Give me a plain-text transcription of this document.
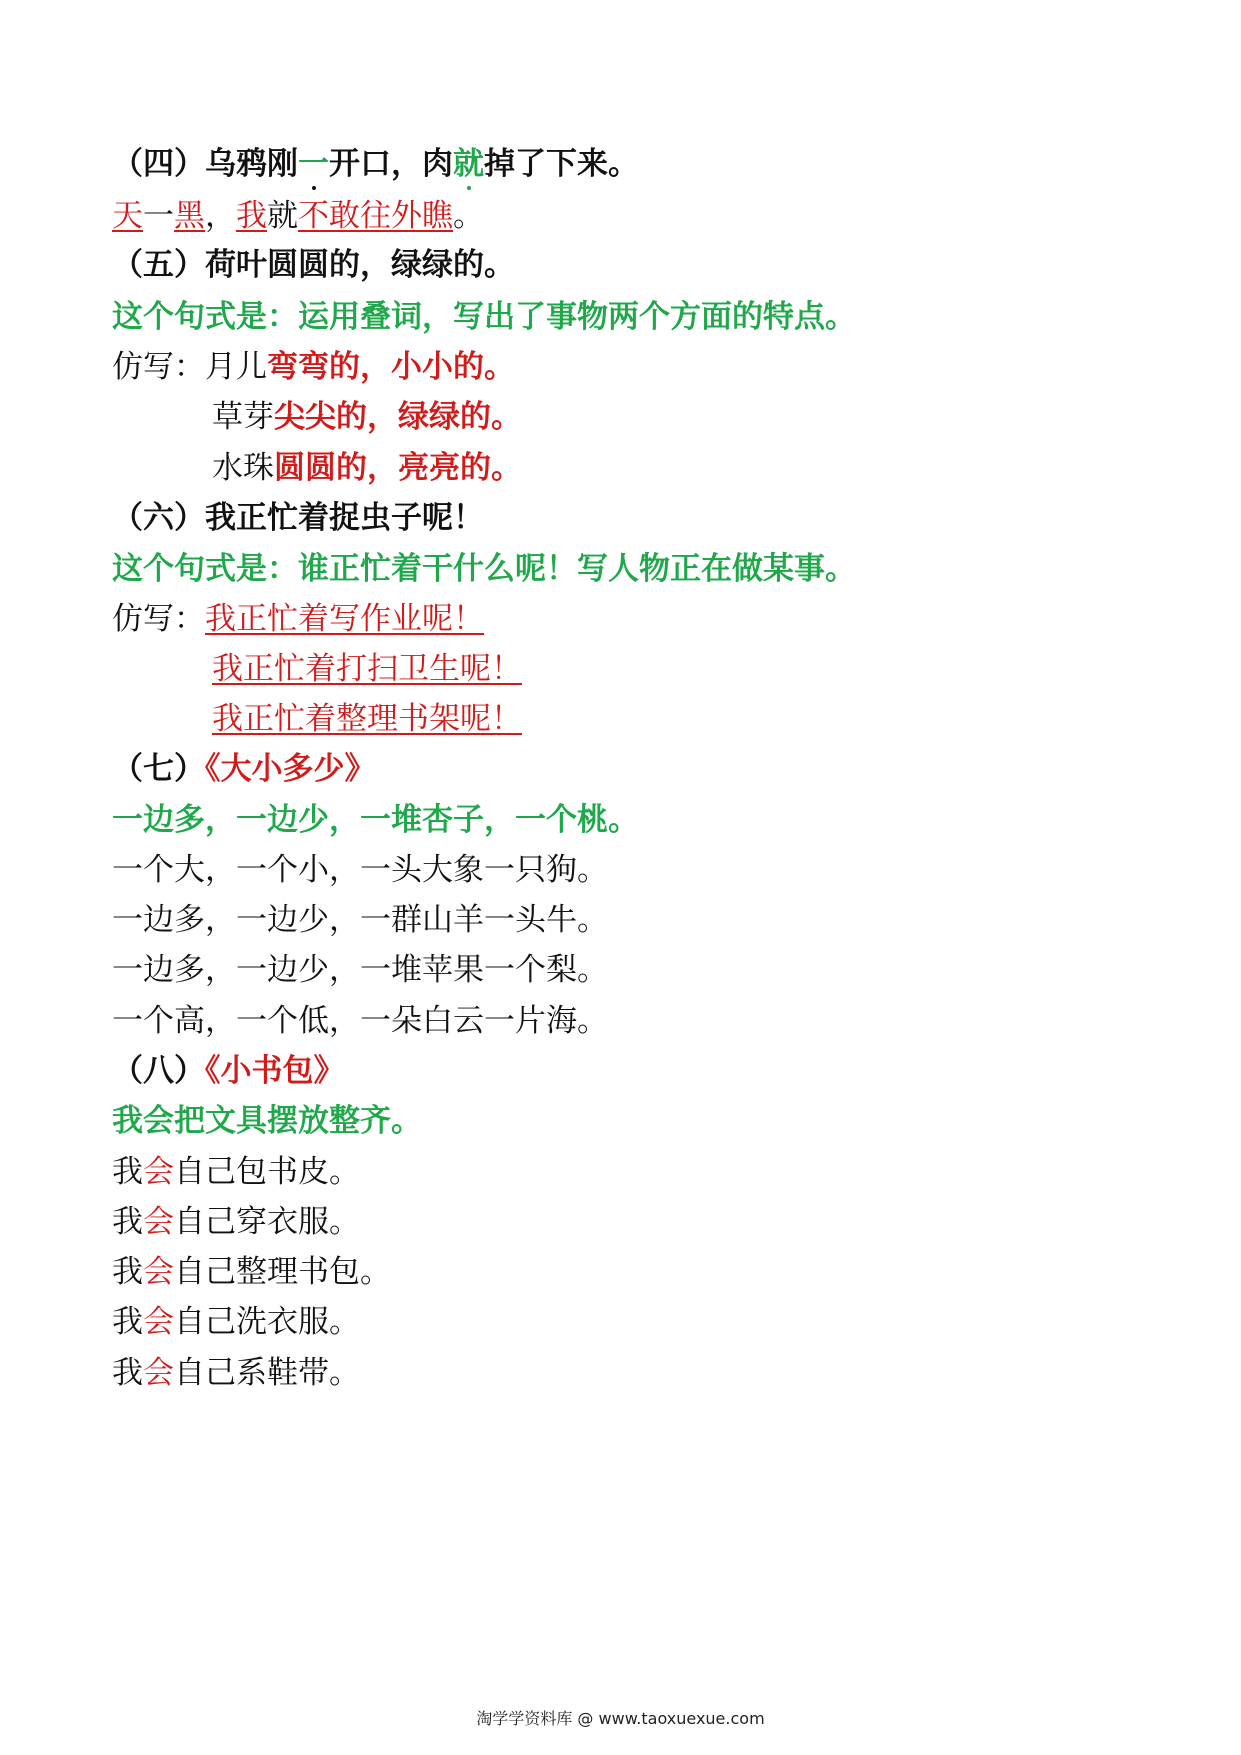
（四）乌鸦刚一开口，肉就掉了下来。
天一黑，我就不敢往外瞧。
（五）荷叶圆圆的，绿绿的。
这个句式是：运用叠词，写出了事物两个方面的特点。
仿写：月儿弯弯的，小小的。
草芽尖尖的，绿绿的。
水珠圆圆的，亮亮的。
（六）我正忙着捉虫子呢！
这个句式是：谁正忙着干什么呢！写人物正在做某事。
仿写：我正忙着写作业呢！
我正忙着打扫卫生呢！
我正忙着整理书架呢！
（七）《大小多少》
一边多，一边少，一堆杏子，一个桃。
一个大，一个小，一头大象一只狗。
一边多，一边少，一群山羊一头牛。
一边多，一边少，一堆苹果一个梨。
一个高，一个低，一朵白云一片海。
（八）《小书包》
我会把文具摆放整齐。
我会自己包书皮。
我会自己穿衣服。
我会自己整理书包。
我会自己洗衣服。
我会自己系鞋带。
淘学学资料库 @ www.taoxuexue.com
